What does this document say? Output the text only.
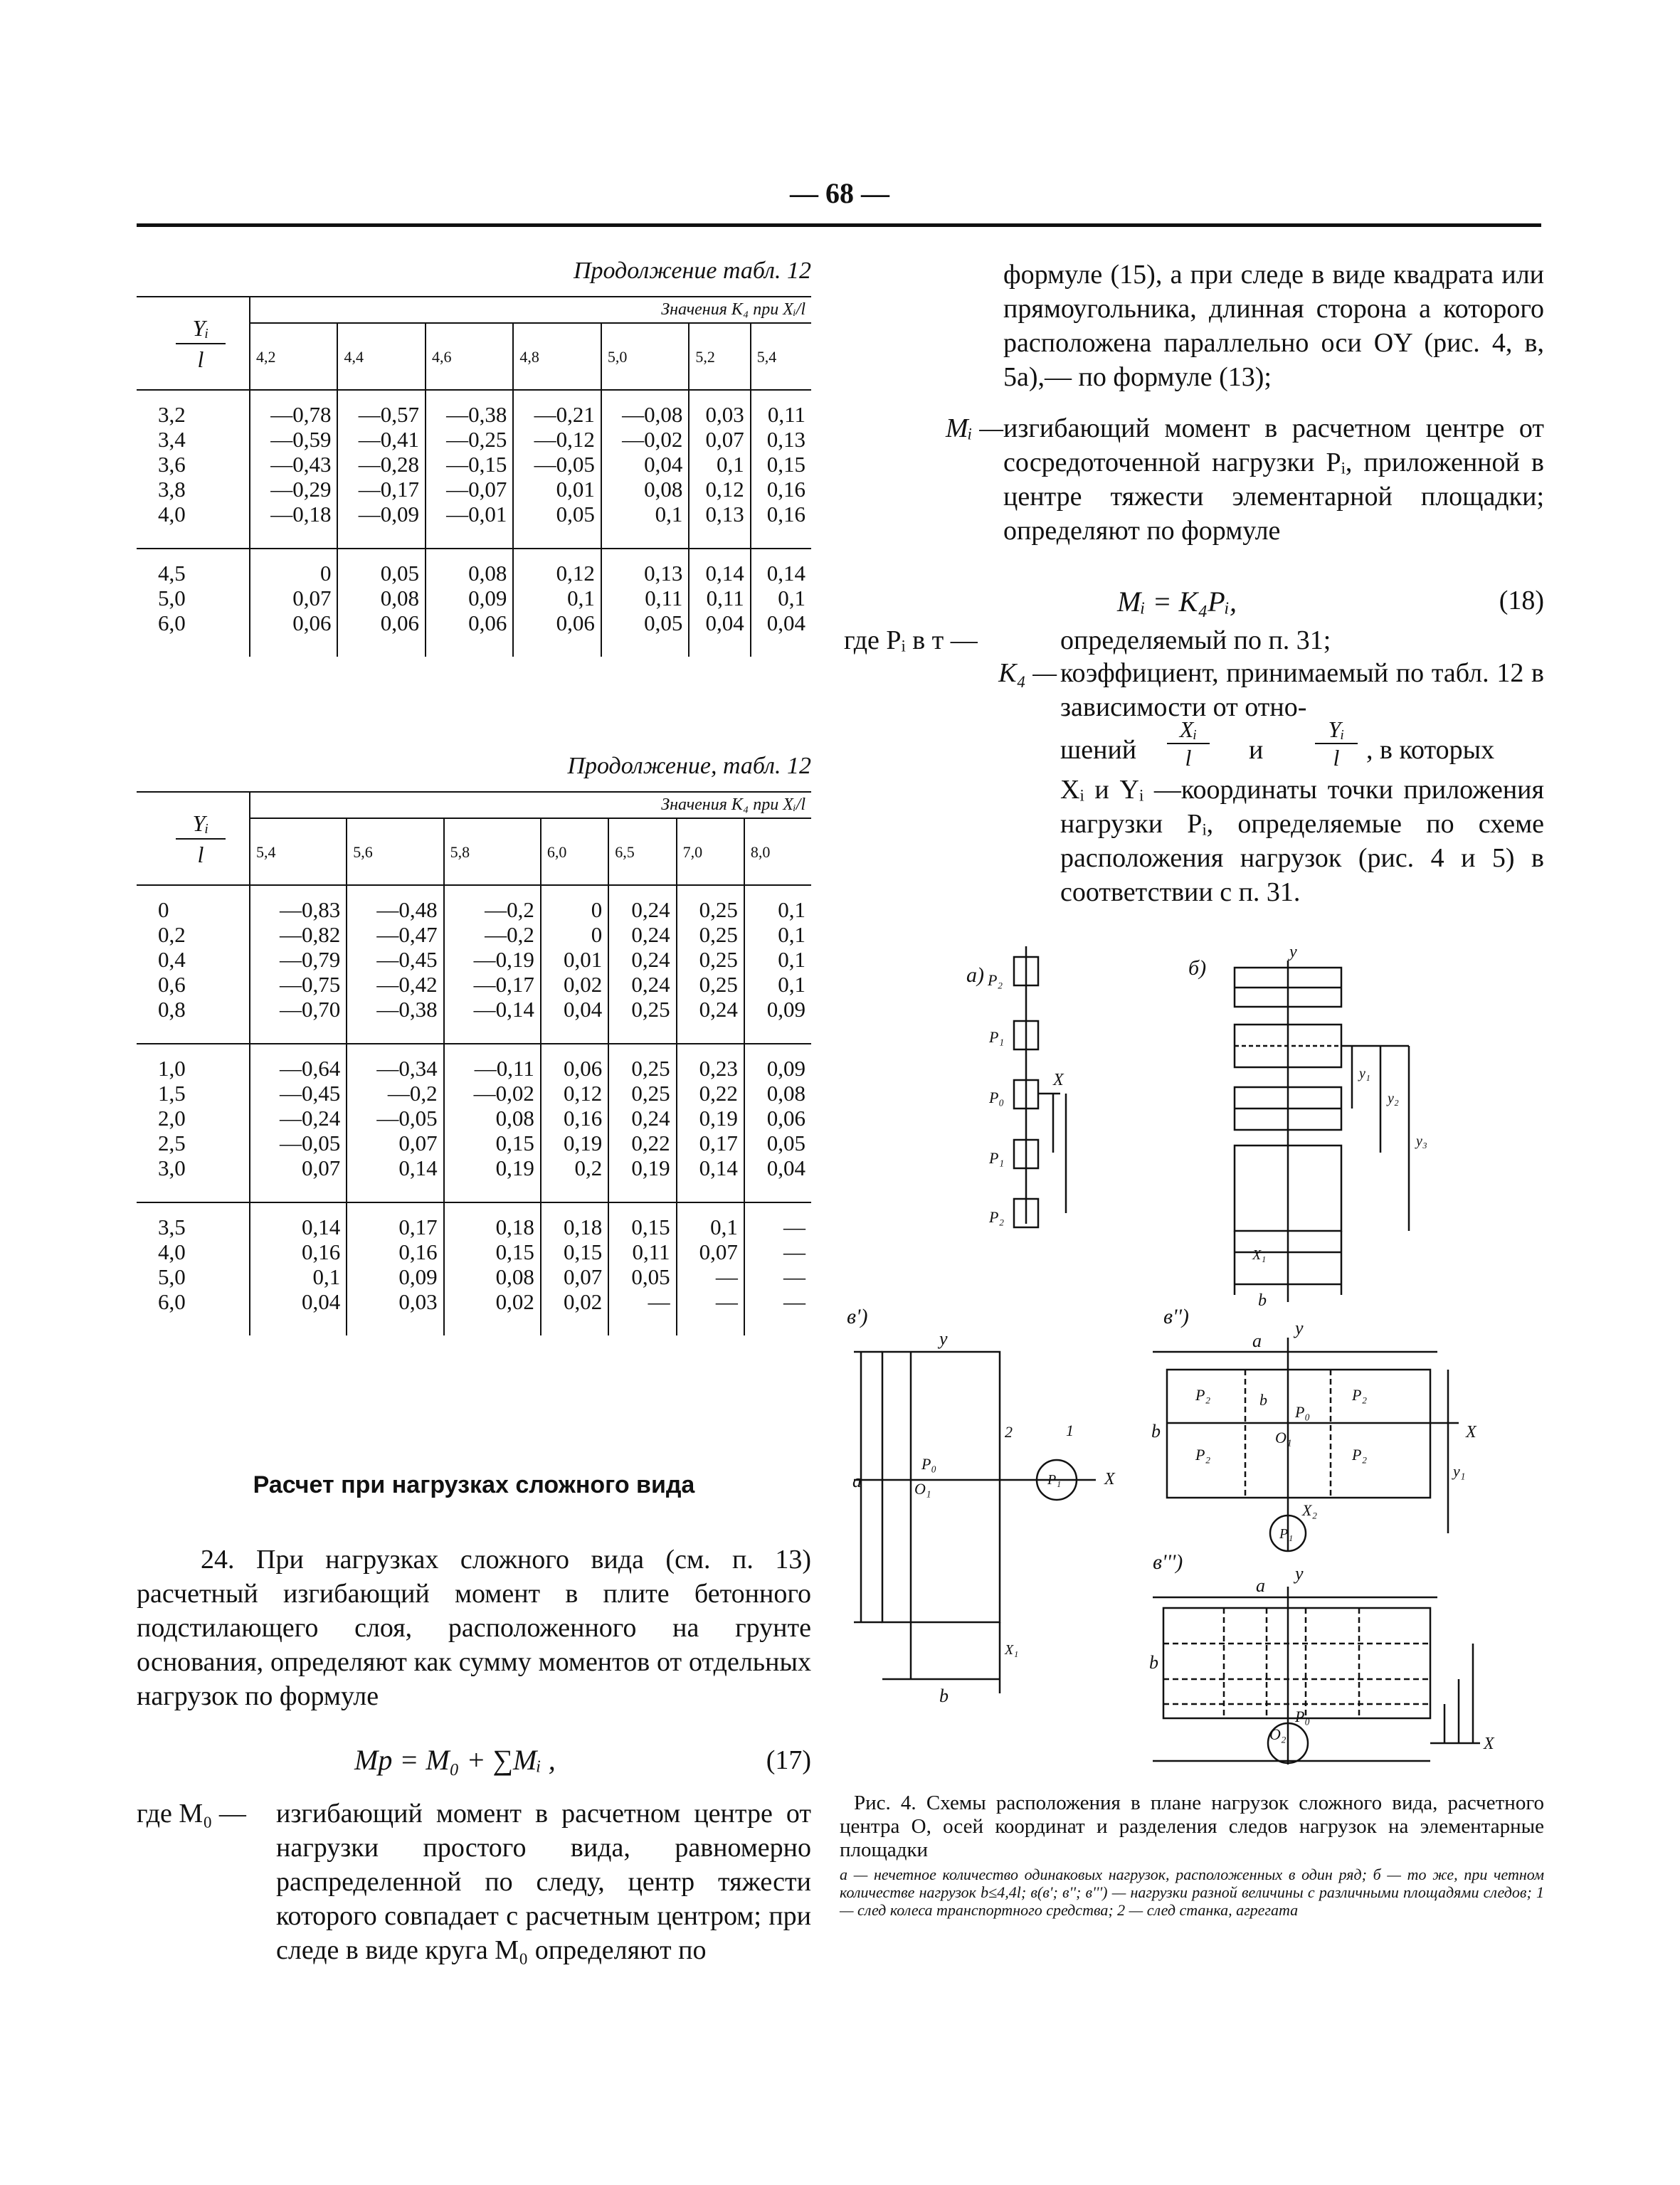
— 68 —
Продолжение табл. 12
Yᵢ
l	Значения K₄ при Xᵢ/l						
	4,2	4,4	4,6	4,8	5,0	5,2	5,4
3,2	—0,78	—0,57	—0,38	—0,21	—0,08	0,03	0,11
3,4	—0,59	—0,41	—0,25	—0,12	—0,02	0,07	0,13
3,6	—0,43	—0,28	—0,15	—0,05	0,04	0,1	0,15
3,8	—0,29	—0,17	—0,07	0,01	0,08	0,12	0,16
4,0	—0,18	—0,09	—0,01	0,05	0,1	0,13	0,16

4,5	0	0,05	0,08	0,12	0,13	0,14	0,14
5,0	0,07	0,08	0,09	0,1	0,11	0,11	0,1
6,0	0,06	0,06	0,06	0,06	0,05	0,04	0,04

Продолжение, табл. 12
Yᵢ
l	Значения K₄ при Xᵢ/l						
	5,4	5,6	5,8	6,0	6,5	7,0	8,0
0	—0,83	—0,48	—0,2	0	0,24	0,25	0,1
0,2	—0,82	—0,47	—0,2	0	0,24	0,25	0,1
0,4	—0,79	—0,45	—0,19	0,01	0,24	0,25	0,1
0,6	—0,75	—0,42	—0,17	0,02	0,24	0,25	0,1
0,8	—0,70	—0,38	—0,14	0,04	0,25	0,24	0,09

1,0	—0,64	—0,34	—0,11	0,06	0,25	0,23	0,09
1,5	—0,45	—0,2	—0,02	0,12	0,25	0,22	0,08
2,0	—0,24	—0,05	0,08	0,16	0,24	0,19	0,06
2,5	—0,05	0,07	0,15	0,19	0,22	0,17	0,05
3,0	0,07	0,14	0,19	0,2	0,19	0,14	0,04

3,5	0,14	0,17	0,18	0,18	0,15	0,1	—
4,0	0,16	0,16	0,15	0,15	0,11	0,07	—
5,0	0,1	0,09	0,08	0,07	0,05	—	—
6,0	0,04	0,03	0,02	0,02	—	—	—

Расчет при нагрузках сложного вида
24. При нагрузках сложного вида (см. п. 13) расчетный изгибающий момент в плите бетонного подстилающего слоя, расположенного на грунте основания, определяют как сумму моментов от отдельных нагрузок по формуле
Mр = M₀ + ∑Mᵢ ,	(17)
где M₀ —	изгибающий момент в расчетном центре от нагрузки простого вида, равномерно распределенной по следу, центр тяжести которого совпадает с расчетным центром; при следе в виде круга M₀ определяют по
формуле (15), а при следе в виде квадрата или прямоугольника, длинная сторона a которого расположена параллельно оси OY (рис. 4, в, 5а),— по формуле (13);
Mᵢ — изгибающий момент в расчетном центре от сосредоточенной нагрузки Pᵢ, приложенной в центре тяжести элементарной площадки; определяют по формуле
Mᵢ = K₄Pᵢ,	(18)
где Pᵢ в т —	определяемый по п. 31;
K₄ — коэффициент, принимаемый по табл. 12 в зависимости от отно-
шений
Xᵢ
l	и
Yᵢ
l , в которых
Xᵢ и Yᵢ —координаты точки приложения нагрузки Pᵢ, определяемые по схеме расположения нагрузок (рис. 4 и 5) в соответствии с п. 31.
а) P₂
P₁
P₀
P₁
P₂
X
б)
y
X₁
b
y₁
y₂
y₃
в')
y
a
b
P₀
O₁	P₁	X
2	1
X₁
в'')	y
a
b
b
P₂	P₂
P₂	P₂
P₀
O₁
P₁
X
X₂
y₁
в''')	y
a
b
O₂
P₀
X
Рис. 4. Схемы расположения в плане нагрузок сложного вида, расчетного центра O, осей координат и разделения следов нагрузок на элементарные площадки
а — нечетное количество одинаковых нагрузок, расположенных в один ряд; б — то же, при четном количестве нагрузок b≤4,4l; в(в'; в''; в''') — нагрузки разной величины с различными площадями следов; 1 — след колеса транспортного средства; 2 — след станка, агрегата
